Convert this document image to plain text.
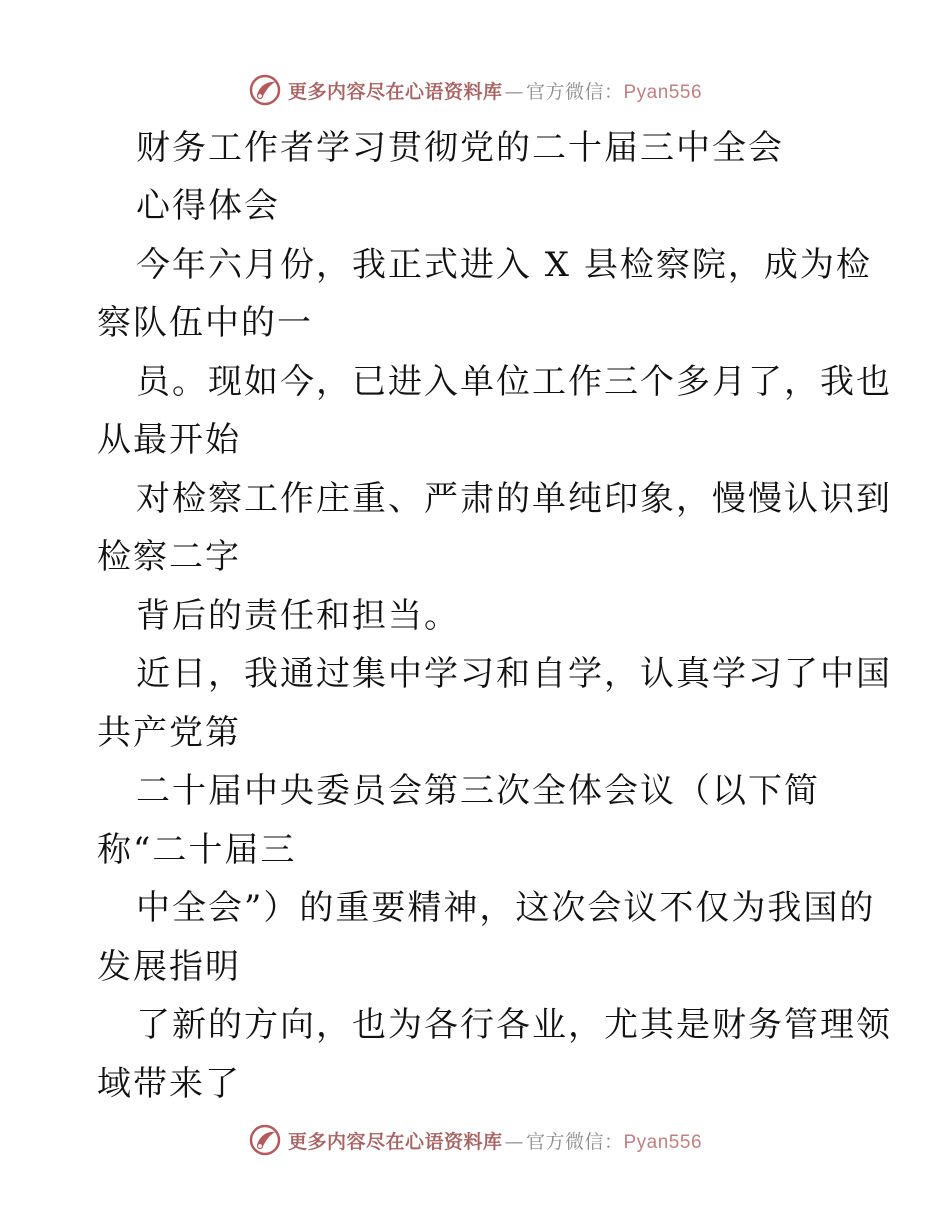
更多内容尽在心语资料库 — 官方微信：Pyan556
财务工作者学习贯彻党的二十届三中全会
心得体会
今年六月份，我正式进入 X 县检察院，成为检
察队伍中的一
员。现如今，已进入单位工作三个多月了，我也
从最开始
对检察工作庄重、严肃的单纯印象，慢慢认识到
检察二字
背后的责任和担当。
近日，我通过集中学习和自学，认真学习了中国
共产党第
二十届中央委员会第三次全体会议（以下简
称“二十届三
中全会”）的重要精神，这次会议不仅为我国的
发展指明
了新的方向，也为各行各业，尤其是财务管理领
域带来了
更多内容尽在心语资料库 — 官方微信：Pyan556
